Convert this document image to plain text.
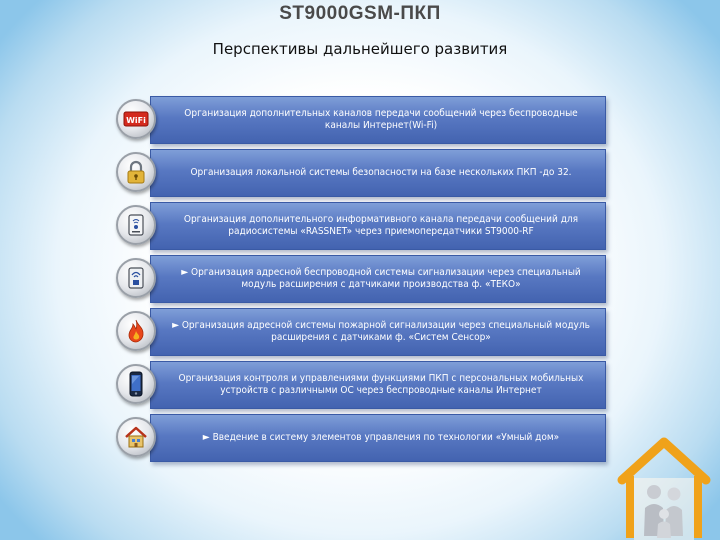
ST9000GSM-ПКП
Перспективы дальнейшего развития
WiFi
Организация дополнительных каналов передачи сообщений через беспроводные каналы Интернет(Wi-Fi)
Организация локальной системы безопасности на базе нескольких ПКП -до 32.
Организация дополнительного информативного канала передачи сообщений для радиосистемы «RASSNET» через приемопередатчики ST9000-RF
► Организация адресной беспроводной системы сигнализации через специальный модуль расширения с датчиками производства ф. «ТЕКО»
► Организация адресной системы пожарной сигнализации через специальный модуль расширения с датчиками ф. «Систем Сенсор»
Организация контроля и управлениями функциями ПКП с персональных мобильных устройств с различными ОС через беспроводные каналы Интернет
► Введение в систему элементов управления по технологии «Умный дом»
